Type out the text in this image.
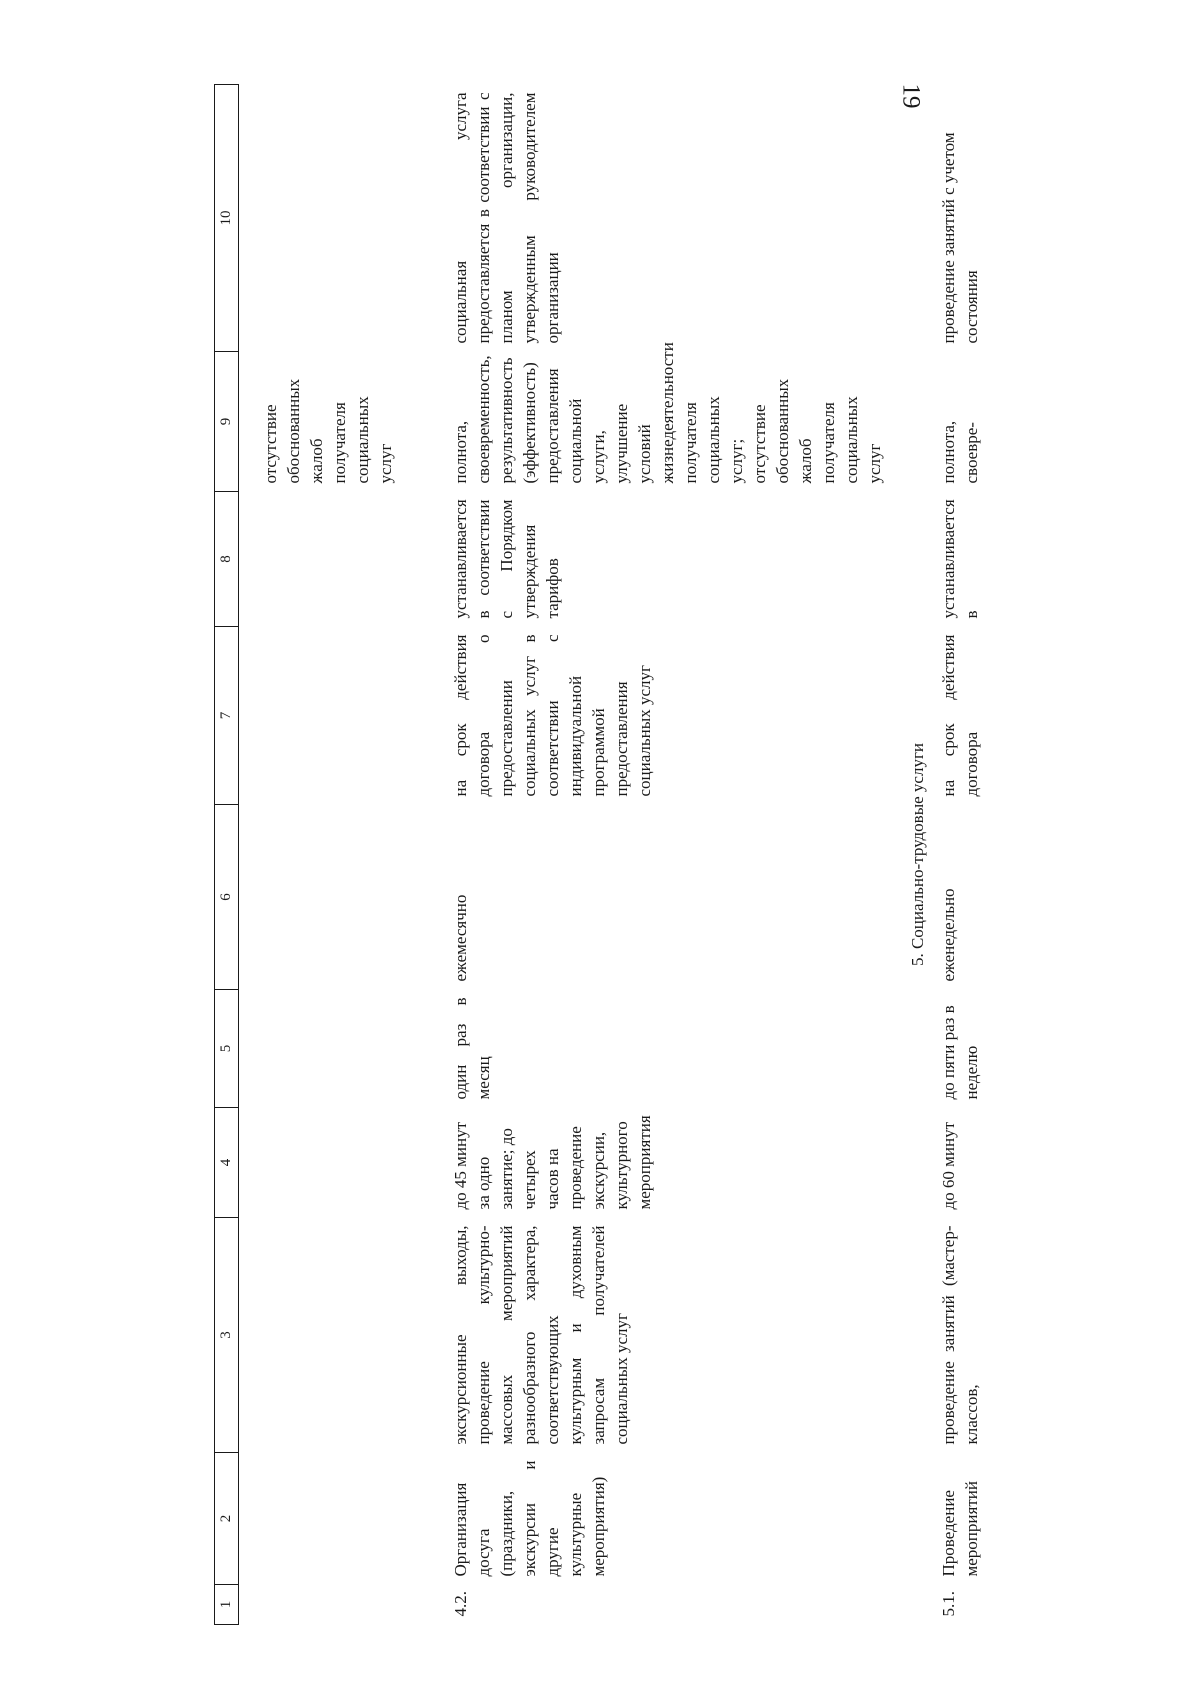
19
1	2	3	4	5	6	7	8	9	10
								отсутствие обоснованных жалоб получателя социальных услуг	
4.2.	Организация досуга (праздники, экскурсии и другие культурные мероприятия)	экскурсионные выходы, проведение культурно-массовых мероприятий разнообразного характера, соответствующих культурным и духовным запросам получателей социальных услуг	до 45 минут за одно занятие; до четырех часов на проведение экскурсии, культурного мероприятия	один раз в месяц	ежемесячно	на срок действия договора о предоставлении социальных услуг в соответствии с индивидуальной программой предоставления социальных услуг	устанавливается в соответствии с Порядком утверждения тарифов	полнота, своевременность, результативность (эффективность) предоставления социальной услуги, улучшение условий жизнедеятельности получателя социальных услуг; отсутствие обоснованных жалоб получателя социальных услуг	социальная услуга предоставляется в соответствии с планом организации, утвержденным руководителем организации
5. Социально-трудовые услуги									
5.1.	Проведение мероприятий	проведение занятий (мастер-классов,	до 60 минут	до пяти раз в неделю	еженедельно	на срок действия договора	устанавливается в	полнота, своевре-	проведение занятий с учетом состояния
